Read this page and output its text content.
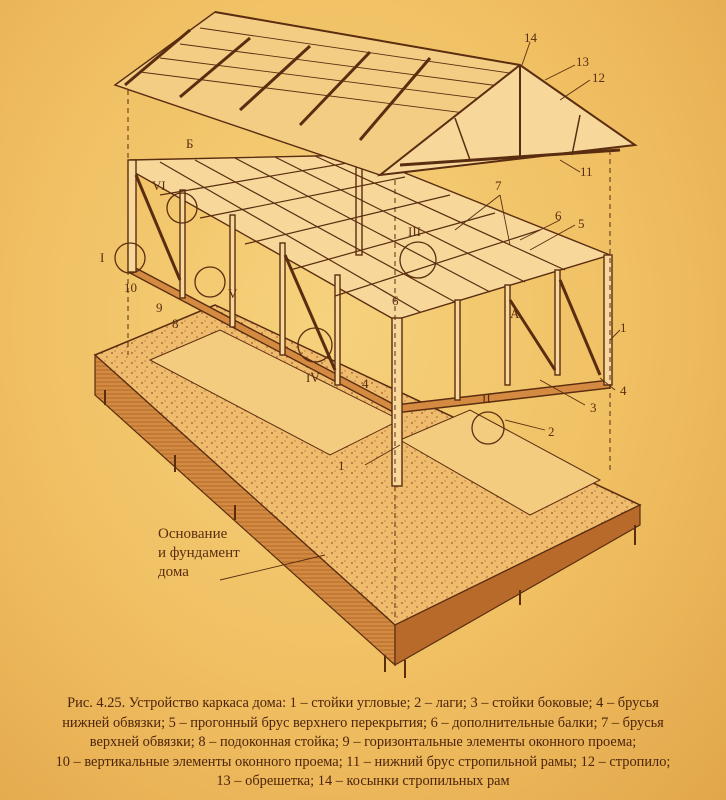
1
1
2
3
4
4
5
6
6
7
8
9
10
11
12
13
14
I
II
III
IV
V
VI
Б
А
Основание
и фундамент
дома
Рис. 4.25. Устройство каркаса дома: 1 – стойки угловые; 2 – лаги; 3 – стойки боковые; 4 – брусья
нижней обвязки; 5 – прогонный брус верхнего перекрытия; 6 – дополнительные балки; 7 – брусья
верхней обвязки; 8 – подоконная стойка; 9 – горизонтальные элементы оконного проема;
10 – вертикальные элементы оконного проема; 11 – нижний брус стропильной рамы; 12 – стропило;
13 – обрешетка; 14 – косынки стропильных рам
